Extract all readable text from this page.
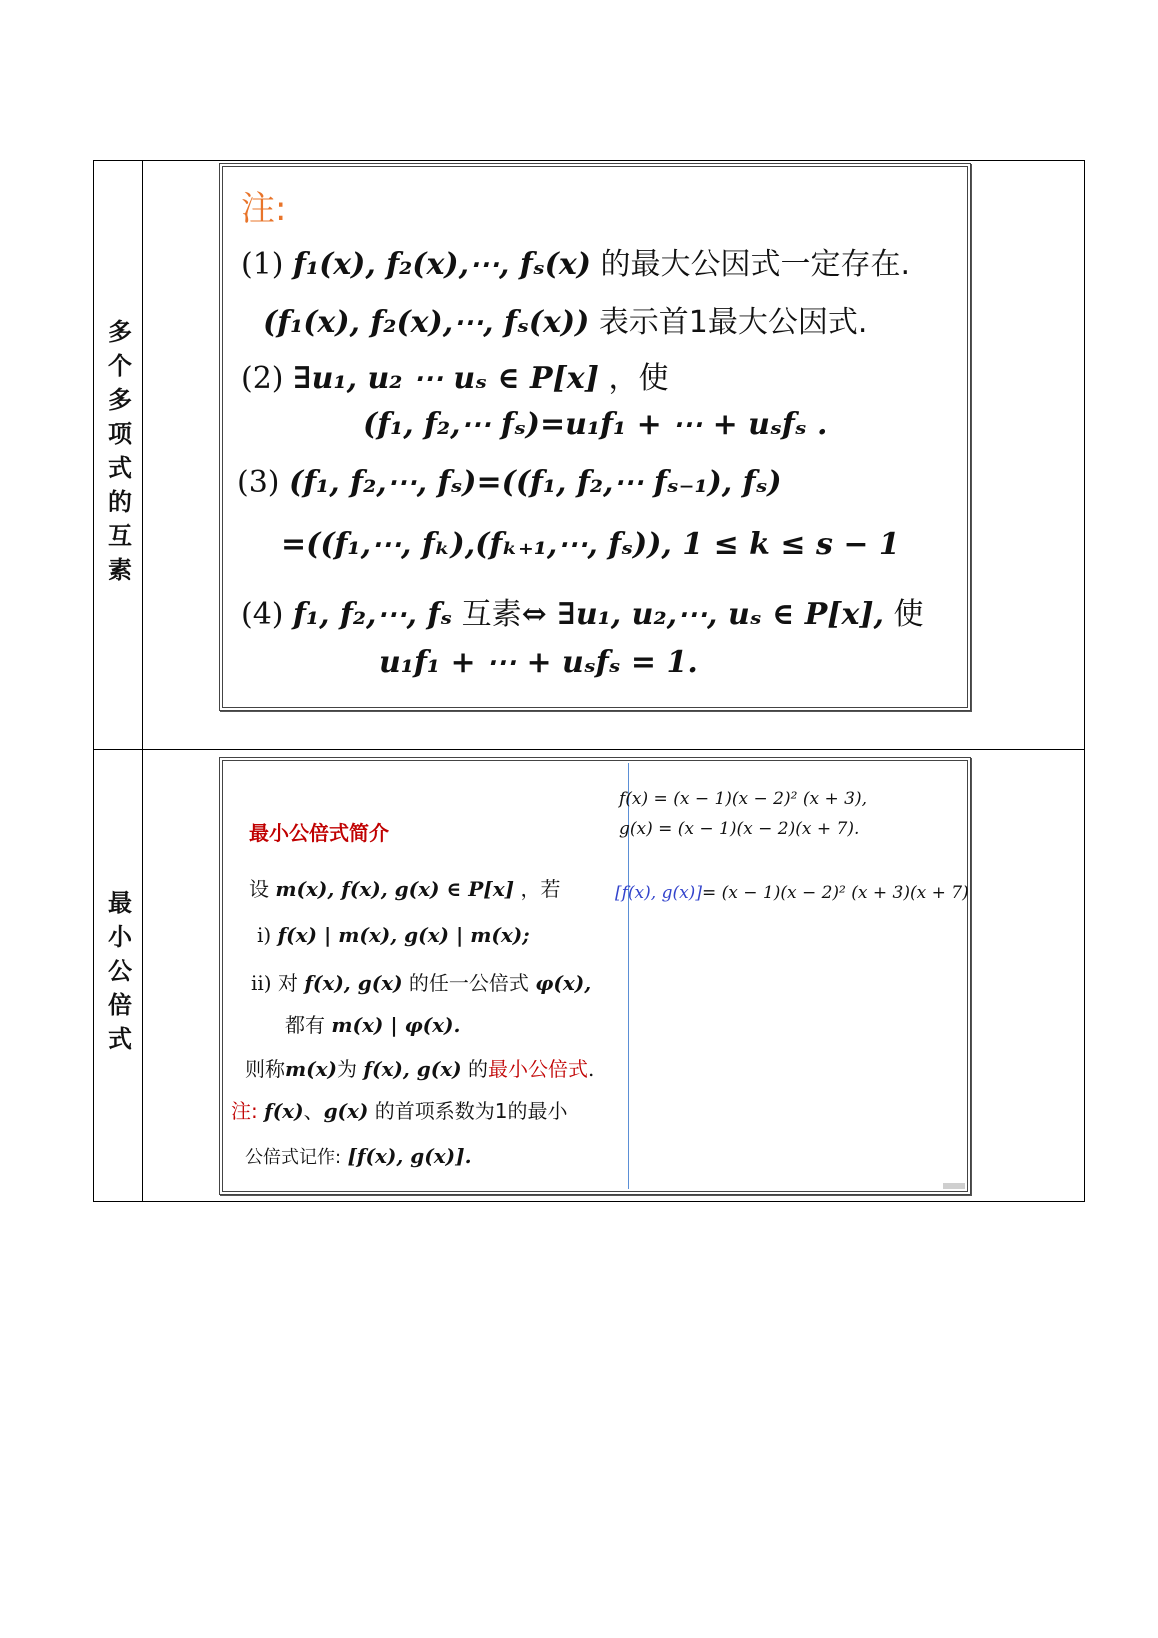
多个多项式的互素
最小公倍式
注:
(1) f₁(x), f₂(x),⋯, fₛ(x) 的最大公因式一定存在.
(f₁(x), f₂(x),⋯, fₛ(x)) 表示首1最大公因式.
(2) ∃u₁, u₂ ⋯ uₛ ∈ P[x] ，使
(f₁, f₂,⋯ fₛ)=u₁f₁ + ⋯ + uₛfₛ .
(3) (f₁, f₂,⋯, fₛ)=((f₁, f₂,⋯ fₛ₋₁), fₛ)
=((f₁,⋯, fₖ),(fₖ₊₁,⋯, fₛ)), 1 ≤ k ≤ s − 1
(4) f₁, f₂,⋯, fₛ 互素⇔ ∃u₁, u₂,⋯, uₛ ∈ P[x], 使
u₁f₁ + ⋯ + uₛfₛ = 1.
最小公倍式简介
设 m(x), f(x), g(x) ∈ P[x] ，若
i) f(x) | m(x), g(x) | m(x);
ii) 对 f(x), g(x) 的任一公倍式 φ(x),
都有 m(x) | φ(x).
则称m(x)为 f(x), g(x) 的最小公倍式.
注: f(x)、g(x) 的首项系数为1的最小
公倍式记作: [f(x), g(x)].
f(x) = (x − 1)(x − 2)² (x + 3),
g(x) = (x − 1)(x − 2)(x + 7).
[f(x), g(x)]= (x − 1)(x − 2)² (x + 3)(x + 7)
